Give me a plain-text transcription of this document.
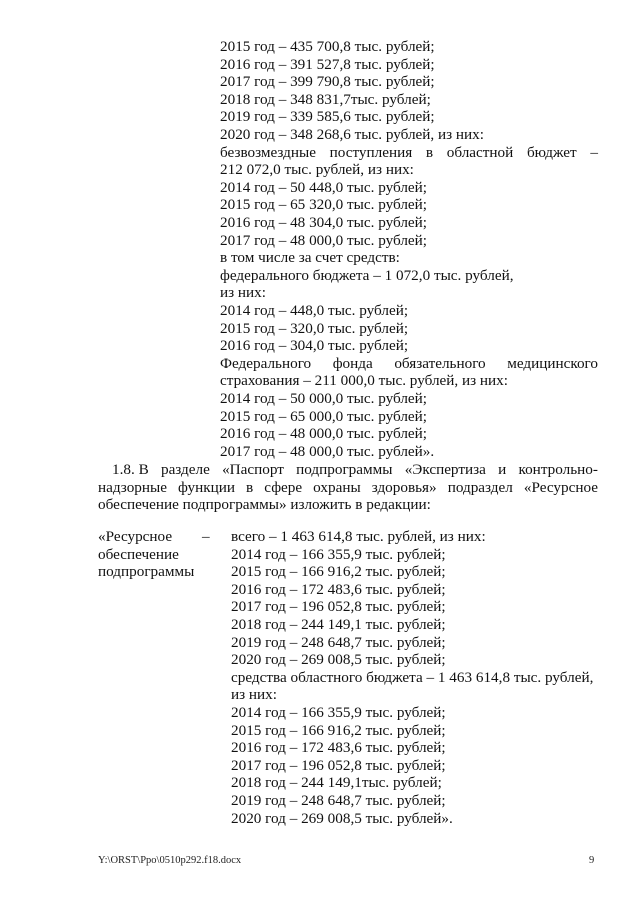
2015 год – 435 700,8 тыс. рублей;
2016 год – 391 527,8 тыс. рублей;
2017 год – 399 790,8 тыс. рублей;
2018 год – 348 831,7тыс. рублей;
2019 год – 339 585,6 тыс. рублей;
2020 год – 348 268,6 тыс. рублей, из них:
безвозмездные поступления в областной бюджет –
212 072,0 тыс. рублей, из них:
2014 год – 50 448,0 тыс. рублей;
2015 год – 65 320,0 тыс. рублей;
2016 год – 48 304,0 тыс. рублей;
2017 год – 48 000,0 тыс. рублей;
в том числе за счет средств:
федерального бюджета – 1 072,0 тыс. рублей,
из них:
2014 год – 448,0 тыс. рублей;
2015 год – 320,0 тыс. рублей;
2016 год – 304,0 тыс. рублей;
Федерального фонда обязательного медицинского
страхования – 211 000,0 тыс. рублей, из них:
2014 год – 50 000,0 тыс. рублей;
2015 год – 65 000,0 тыс. рублей;
2016 год – 48 000,0 тыс. рублей;
2017 год – 48 000,0 тыс. рублей».
1.8. В разделе «Паспорт подпрограммы «Экспертиза и контрольно-
надзорные функции в сфере охраны здоровья» подраздел «Ресурсное
обеспечение подпрограммы» изложить в редакции:
«Ресурсное
обеспечение
подпрограммы
– всего – 1 463 614,8 тыс. рублей, из них:
2014 год – 166 355,9 тыс. рублей;
2015 год – 166 916,2 тыс. рублей;
2016 год – 172 483,6 тыс. рублей;
2017 год – 196 052,8 тыс. рублей;
2018 год – 244 149,1 тыс. рублей;
2019 год – 248 648,7 тыс. рублей;
2020 год – 269 008,5 тыс. рублей;
средства областного бюджета – 1 463 614,8 тыс. рублей,
из них:
2014 год – 166 355,9 тыс. рублей;
2015 год – 166 916,2 тыс. рублей;
2016 год – 172 483,6 тыс. рублей;
2017 год – 196 052,8 тыс. рублей;
2018 год – 244 149,1тыс. рублей;
2019 год – 248 648,7 тыс. рублей;
2020 год – 269 008,5 тыс. рублей».
Y:\ORST\Ppo\0510p292.f18.docx	9
